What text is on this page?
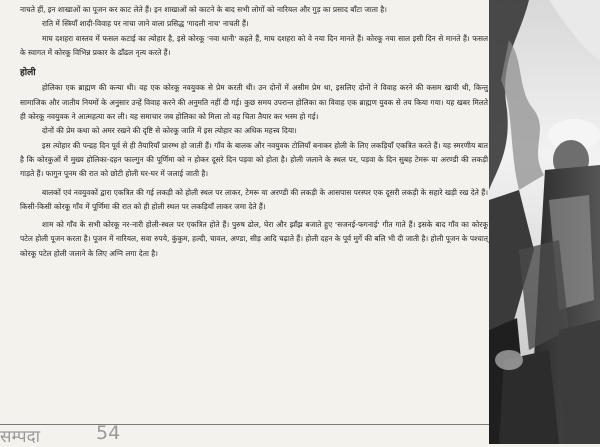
नाचते हीं, इन शाखाओं का पूजन कर काट लेते हैं। इन शाखाओं को काटने के बाद सभी लोगों को नारियल और गुड़ का प्रसाद बाँटा जाता है।

राति में स्त्रियाँ शादी-विवाह पर नाचा जाने वाला प्रसिद्ध 'गादली नाच' नाचती हैं।

माघ दशहरा वास्तव में फसल कटाई का त्योहार है, इसे कोरकू 'नवा धानी' कहते हैं, माघ दशहरा को वे नया दिन मानते हैं। कोरकू नया साल इसी दिन से मानते हैं। फसल के स्वागत में कोरकू विभिन्न प्रकार के ढाँढल नृत्य करते हैं।

होली

होलिका एक ब्राह्मण की कन्या थी। वह एक कोरकू नवयुवक से प्रेम करती थी। उन दोनों में असीम प्रेम था, इसलिए दोनों ने विवाह करने की कसम खायी थी, किन्तु सामाजिक और जातीय नियमों के अनुसार उन्हें विवाह करने की अनुमति नहीं दी गई। कुछ समय उपरान्त होलिका का विवाह एक ब्राह्मण युवक से तय किया गया। यह खबर मिलते ही कोरकू नवयुवक ने आत्महत्या कर ली। यह समाचार जब होलिका को मिला तो वह चिता तैयार कर भस्म हो गई।

दोनों की प्रेम कथा को अमर रखने की दृष्टि से कोरकू जाति में इस त्योहार का अधिक महत्त्व दिया।

इस त्योहार की पन्द्रह दिन पूर्व से ही तैयारियाँ प्रारम्भ हो जाती हैं। गाँव के बालक और नवयुवक टोलियाँ बनाकर होली के लिए लकड़ियाँ एकत्रित करते हैं। यह स्मरणीय बात है कि कोरकुओं में मुख्य होलिका-दहन फाल्गुन की पूर्णिमा को न होकर दूसरे दिन पड़वा को होता है। होली जलाने के स्थल पर, पड़वा के दिन सुबह टेमरू या अरण्डी की लकड़ी गाड़ते हैं। फागुन पूनम की रात को छोटी होली घर-घर में जलाई जाती है।

बालकों एवं नवयुवकों द्वारा एकत्रित की गई लकड़ी को होली स्थल पर लाकर, टेमरू या अरण्डी की लकड़ी के आसपास परस्पर एक दूसरी लकड़ी के सहारे खड़ी रख देते हैं। किसी-किसी कोरकू गाँव में पूर्णिमा की रात को ही होली स्थल पर लकड़ियाँ लाकर जमा देते हैं।

शाम को गाँव के सभी कोरकू नर-नारी होली-स्थल पर एकत्रित होते हैं। पुरुष ढोल, घेरा और झाँझ बजाते हुए 'सजनई-फगनाई' गीत गाते हैं। इसके बाद गाँव का कोरकू पटेल होली पूजन करता है। पूजन में नारियल, सवा रुपये, कुंकुम, हल्दी, चावल, अण्डा, सीड़ आदि चढ़ाते हैं। होली दहन के पूर्व मुर्गे की बलि भी दी जाती है। होली पूजन के पश्चात् कोरकू पटेल होली जलाने के लिए अग्नि लगा देता है।

सम्पदा	54
